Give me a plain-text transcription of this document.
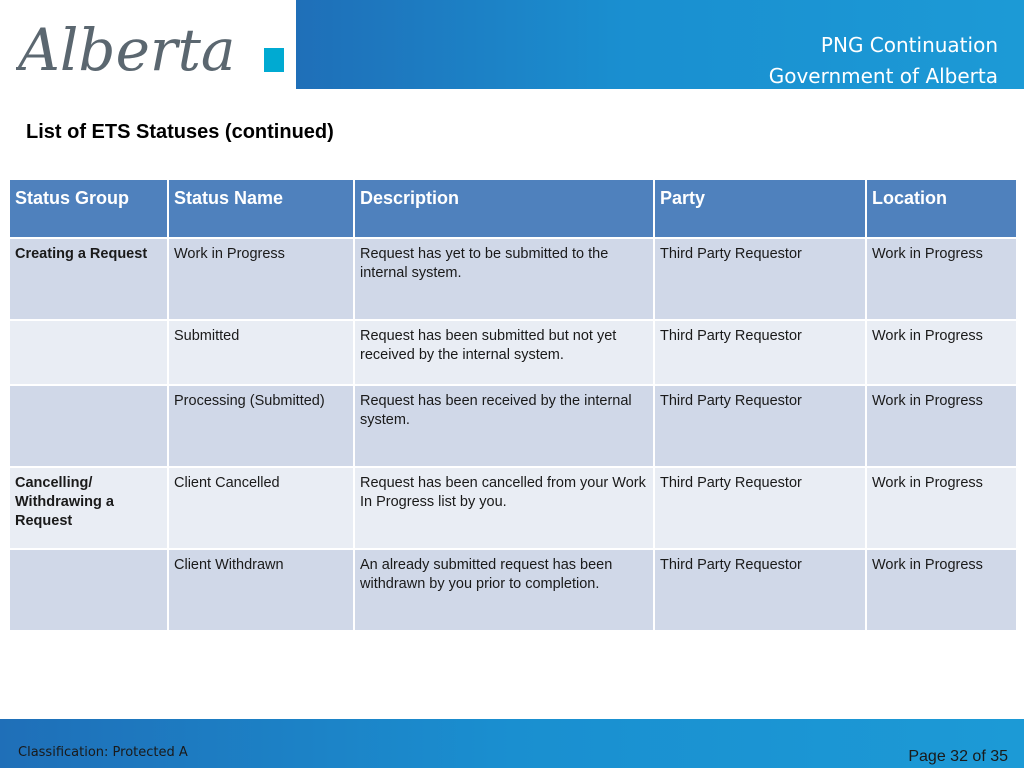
Alberta	PNG Continuation
Government of Alberta
List of ETS Statuses (continued)
Status Group	Status Name	Description	Party	Location
Creating a Request	Work in Progress	Request has yet to be submitted to the internal system.	Third Party Requestor	Work in Progress
	Submitted	Request has been submitted but not yet received by the internal system.	Third Party Requestor	Work in Progress
	Processing (Submitted)	Request has been received by the internal system.	Third Party Requestor	Work in Progress
Cancelling/ Withdrawing a Request	Client Cancelled	Request has been cancelled from your Work In Progress list by you.	Third Party Requestor	Work in Progress
	Client Withdrawn	An already submitted request has been withdrawn by you prior to completion.	Third Party Requestor	Work in Progress
Classification: Protected A	Page 32 of 35
